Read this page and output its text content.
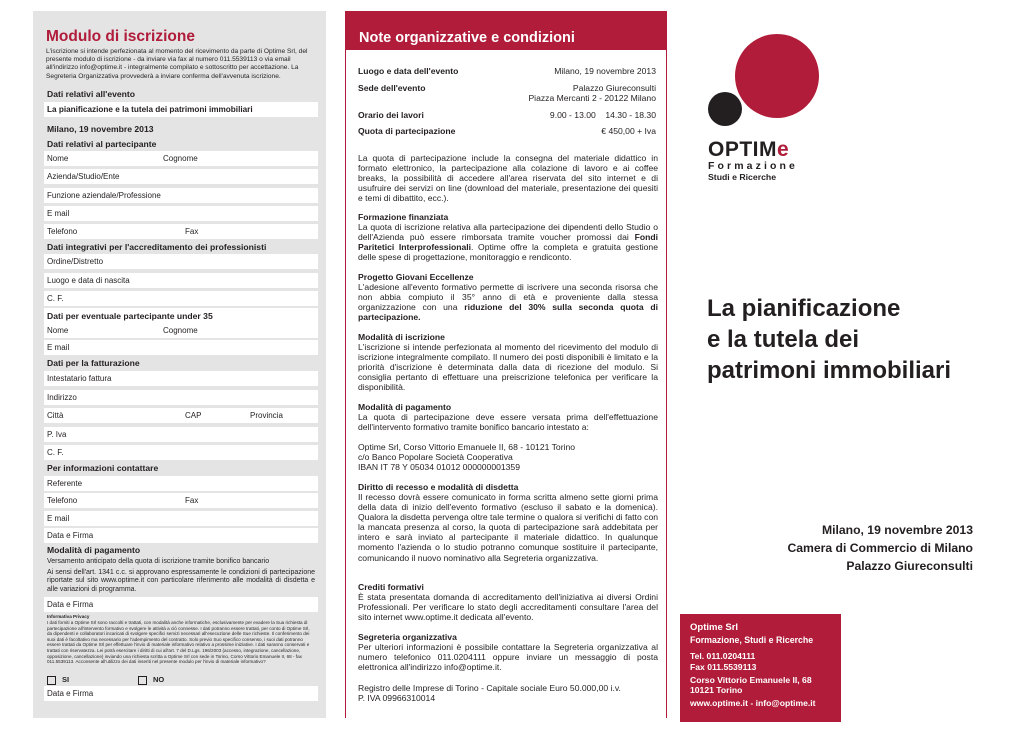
Modulo di iscrizione
L'iscrizione si intende perfezionata al momento del ricevimento da parte di Optime Srl, del presente modulo di iscrizione - da inviare via fax al numero 011.5539113 o via email all'indirizzo info@optime.it - integralmente compilato e sottoscritto per accettazione. La Segreteria Organizzativa provvederà a inviare conferma dell'avvenuta iscrizione.
Dati relativi all'evento
La pianificazione e la tutela dei patrimoni immobiliari
Milano, 19 novembre 2013
Dati relativi al partecipante
Nome	Cognome
Azienda/Studio/Ente
Funzione aziendale/Professione
E mail
Telefono	Fax
Dati integrativi per l'accreditamento dei professionisti
Ordine/Distretto
Luogo e data di nascita
C. F.
Dati per eventuale partecipante under 35
Nome	Cognome
E mail
Dati per la fatturazione
Intestatario fattura
Indirizzo
Città	CAP	Provincia
P. Iva
C. F.
Per informazioni contattare
Referente
Telefono	Fax
E mail
Data e Firma
Modalità di pagamento
Versamento anticipato della quota di iscrizione tramite bonifico bancario
Ai sensi dell'art. 1341 c.c. si approvano espressamente le condizioni di partecipazione riportate sul sito www.optime.it con particolare riferimento alle modalità di disdetta e alle variazioni di programma.
Data e Firma
Informativa Privacy
I dati forniti a Optime Srl sono raccolti e trattati, con modalità anche informatiche, esclusivamente per evadere la Sua richiesta di partecipazione all'intervento formativo e svolgere le attività a ciò connesse. I dati potranno essere trattati, per conto di Optime Srl, da dipendenti e collaboratori incaricati di svolgere specifici servizi necessari all'esecuzione delle Sue richieste. Il conferimento dei suoi dati è facoltativo ma necessario per l'adempimento del contratto. Solo previo Suo specifico consenso, i suoi dati potranno essere trattati da Optime Srl per effettuare l'invio di materiale informativo relativo a prossime iniziative. I dati saranno conservati e trattati con riservatezza. Lei potrà esercitare i diritti di cui all'art. 7 del D.Lgs. 196/2003 (accesso, integrazione, cancellazione, opposizione, cancellazione) inviando una richiesta scritta a Optime Srl con sede in Torino, Corso Vittorio Emanuele II, 68 - fax 011.5539113. Acconsente all'utilizzo dei dati inseriti nel presente modulo per l'invio di materiale informativo?
SI	NO
Data e Firma
Note organizzative e condizioni
Luogo e data dell'evento	Milano, 19 novembre 2013
Sede dell'evento	Palazzo Giureconsulti
Piazza Mercanti 2 - 20122 Milano
Orario dei lavori	9.00 - 13.00    14.30 - 18.30
Quota di partecipazione	€ 450,00 + Iva
La quota di partecipazione include la consegna del materiale didattico in formato elettronico, la partecipazione alla colazione di lavoro e ai coffee breaks, la possibilità di accedere all'area riservata del sito internet e di usufruire dei servizi on line (download del materiale, presentazione dei quesiti e temi di dibattito, ecc.).
Formazione finanziata
La quota di iscrizione relativa alla partecipazione dei dipendenti dello Studio o dell'Azienda può essere rimborsata tramite voucher promossi dai Fondi Paritetici Interprofessionali. Optime offre la completa e gratuita gestione delle spese di progettazione, monitoraggio e rendiconto.
Progetto Giovani Eccellenze
L'adesione all'evento formativo permette di iscrivere una seconda risorsa che non abbia compiuto il 35° anno di età e proveniente dalla stessa organizzazione con una riduzione del 30% sulla seconda quota di partecipazione.
Modalità di iscrizione
L'iscrizione si intende perfezionata al momento del ricevimento del modulo di iscrizione integralmente compilato. Il numero dei posti disponibili è limitato e la priorità d'iscrizione è determinata dalla data di ricezione del modulo. Si consiglia pertanto di effettuare una preiscrizione telefonica per verificare la disponibilità.
Modalità di pagamento
La quota di partecipazione deve essere versata prima dell'effettuazione dell'intervento formativo tramite bonifico bancario intestato a:
Optime Srl, Corso Vittorio Emanuele II, 68 - 10121 Torino
c/o Banco Popolare Società Cooperativa
IBAN IT 78 Y 05034 01012 000000001359
Diritto di recesso e modalità di disdetta
Il recesso dovrà essere comunicato in forma scritta almeno sette giorni prima della data di inizio dell'evento formativo (escluso il sabato e la domenica). Qualora la disdetta pervenga oltre tale termine o qualora si verifichi di fatto con la mancata presenza al corso, la quota di partecipazione sarà addebitata per intero e sarà inviato al partecipante il materiale didattico. In qualunque momento l'azienda o lo studio potranno comunque sostituire il partecipante, comunicando il nuovo nominativo alla Segreteria organizzativa.
Crediti formativi
È stata presentata domanda di accreditamento dell'iniziativa ai diversi Ordini Professionali. Per verificare lo stato degli accreditamenti consultare l'area del sito internet www.optime.it dedicata all'evento.
Segreteria organizzativa
Per ulteriori informazioni è possibile contattare la Segreteria organizzativa al numero telefonico 011.0204111 oppure inviare un messaggio di posta elettronica all'indirizzo info@optime.it.
Registro delle Imprese di Torino - Capitale sociale Euro 50.000,00 i.v.
P. IVA 09966310014
OPTIMe
Formazione
Studi e Ricerche
La pianificazione
e la tutela dei
patrimoni immobiliari
Milano, 19 novembre 2013
Camera di Commercio di Milano
Palazzo Giureconsulti
Optime Srl
Formazione, Studi e Ricerche
Tel. 011.0204111
Fax 011.5539113
Corso Vittorio Emanuele II, 68
10121 Torino
www.optime.it - info@optime.it
